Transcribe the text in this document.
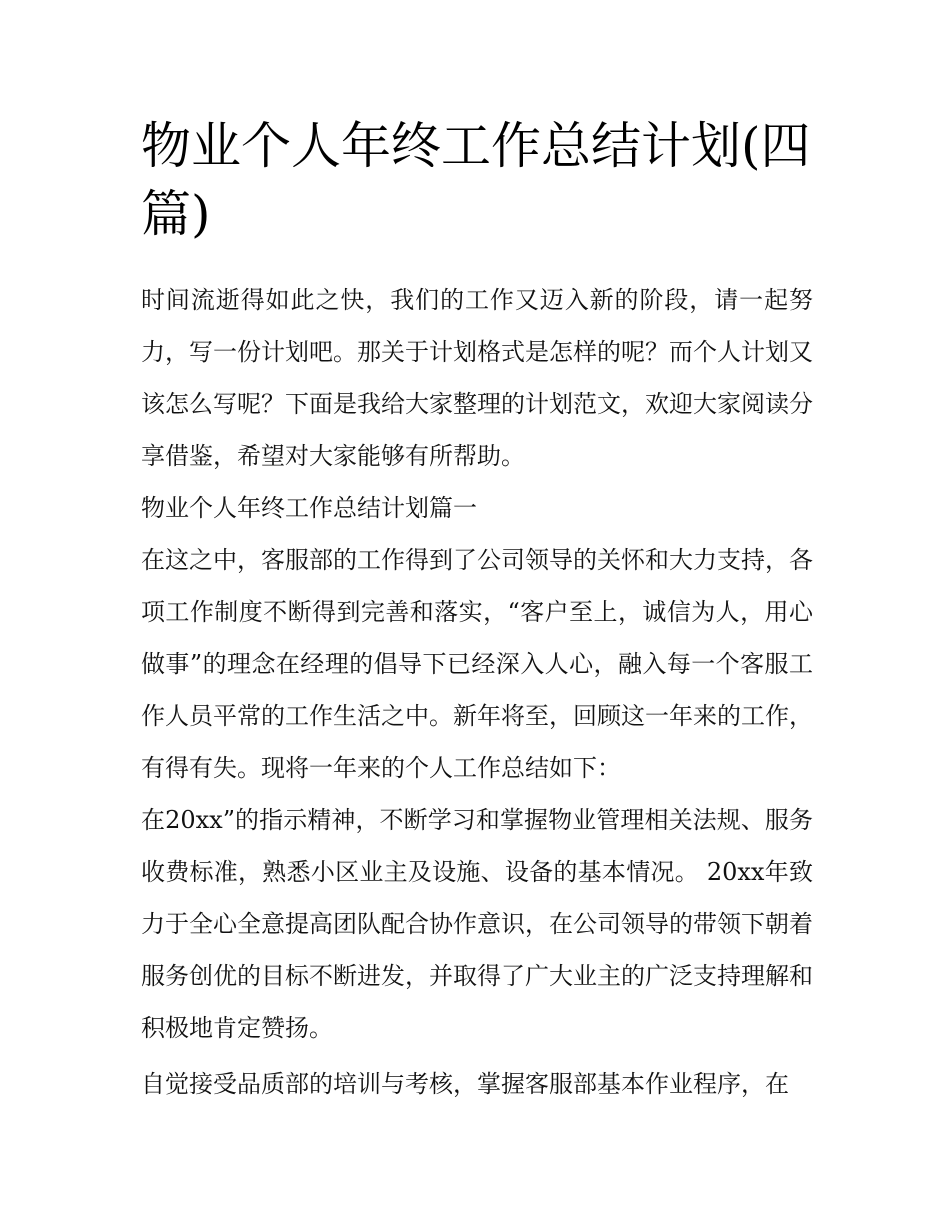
物业个人年终工作总结计划(四篇)

时间流逝得如此之快，我们的工作又迈入新的阶段，请一起努力，写一份计划吧。那关于计划格式是怎样的呢？而个人计划又该怎么写呢？下面是我给大家整理的计划范文，欢迎大家阅读分享借鉴，希望对大家能够有所帮助。

物业个人年终工作总结计划篇一

在这之中，客服部的工作得到了公司领导的关怀和大力支持，各项工作制度不断得到完善和落实，“客户至上，诚信为人，用心做事”的理念在经理的倡导下已经深入人心，融入每一个客服工作人员平常的工作生活之中。新年将至，回顾这一年来的工作，有得有失。现将一年来的个人工作总结如下：

在20xx”的指示精神，不断学习和掌握物业管理相关法规、服务收费标准，熟悉小区业主及设施、设备的基本情况。 20xx年致力于全心全意提高团队配合协作意识，在公司领导的带领下朝着服务创优的目标不断进发，并取得了广大业主的广泛支持理解和积极地肯定赞扬。

自觉接受品质部的培训与考核，掌握客服部基本作业程序，在
